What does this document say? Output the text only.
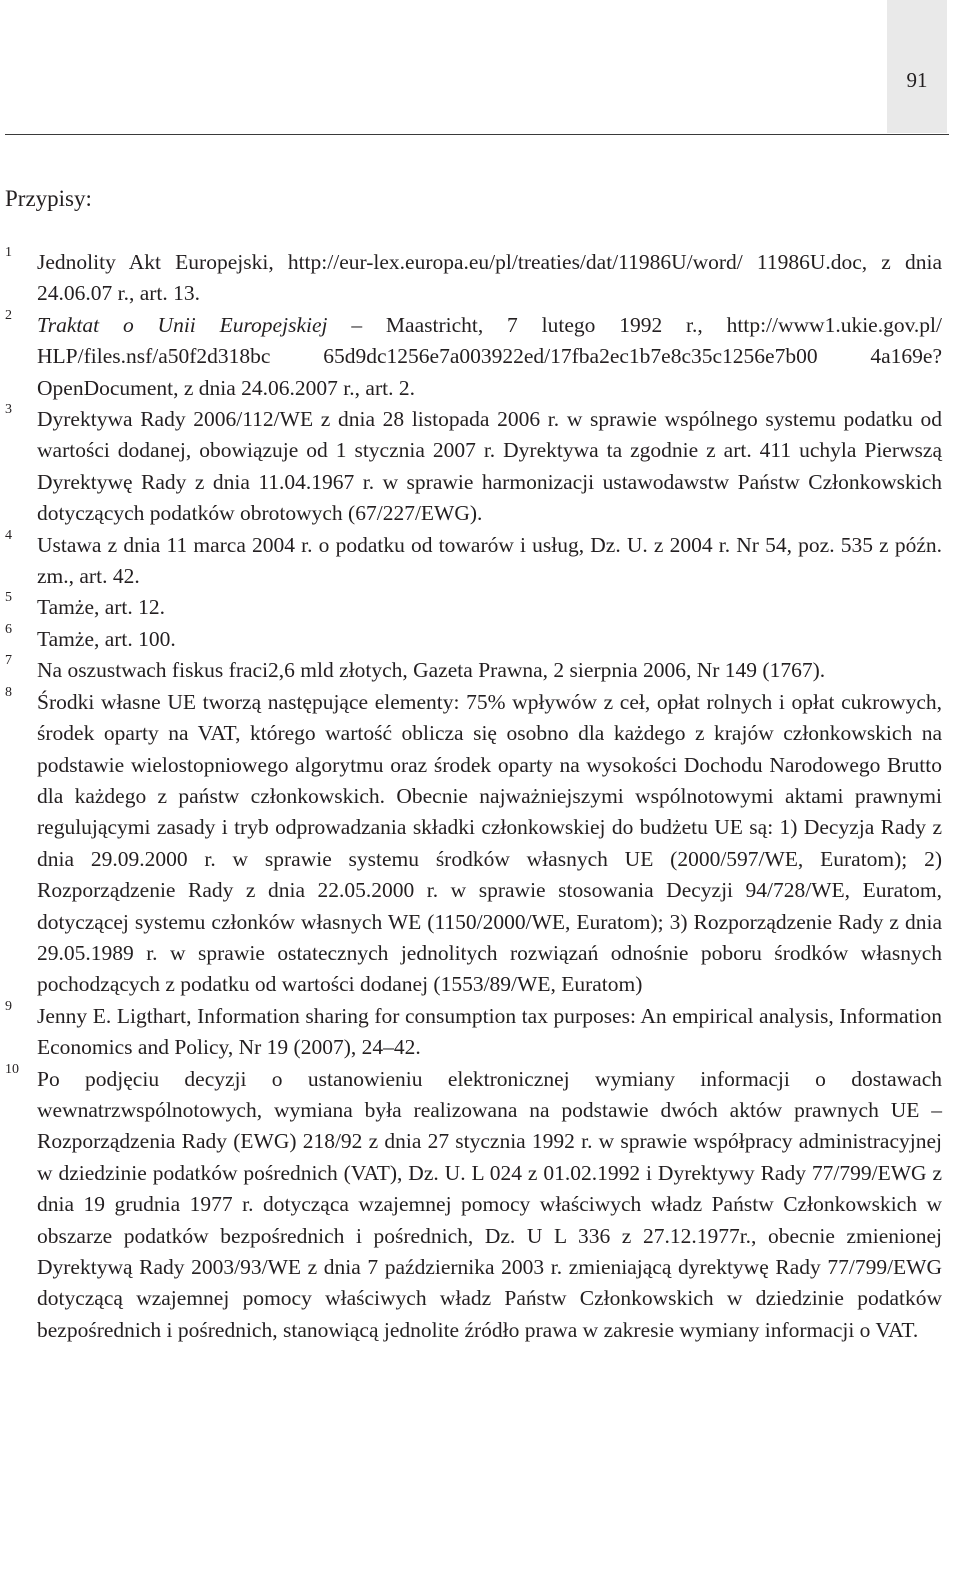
91
Przypisy:
1 Jednolity Akt Europejski, http://eur-lex.europa.eu/pl/treaties/dat/11986U/word/ 11986U.doc, z dnia 24.06.07 r., art. 13.
2 Traktat o Unii Europejskiej – Maastricht, 7 lutego 1992 r., http://www1.ukie.gov.pl/ HLP/files.nsf/a50f2d318bc 65d9dc1256e7a003922ed/17fba2ec1b7e8c35c1256e7b00 4a169e?OpenDocument, z dnia 24.06.2007 r., art. 2.
3 Dyrektywa Rady 2006/112/WE z dnia 28 listopada 2006 r. w sprawie wspólnego systemu podatku od wartości dodanej, obowiązuje od 1 stycznia 2007 r. Dyrektywa ta zgodnie z art. 411 uchyla Pierwszą Dyrektywę Rady z dnia 11.04.1967 r. w sprawie harmonizacji ustawodawstw Państw Członkowskich dotyczących podatków obrotowych (67/227/EWG).
4 Ustawa z dnia 11 marca 2004 r. o podatku od towarów i usług, Dz. U. z 2004 r. Nr 54, poz. 535 z późn. zm., art. 42.
5 Tamże, art. 12.
6 Tamże, art. 100.
7 Na oszustwach fiskus fraci2,6 mld złotych, Gazeta Prawna, 2 sierpnia 2006, Nr 149 (1767).
8 Środki własne UE tworzą następujące elementy: 75% wpływów z ceł, opłat rolnych i opłat cukrowych, środek oparty na VAT, którego wartość oblicza się osobno dla każdego z krajów członkowskich na podstawie wielostopniowego algorytmu oraz środek oparty na wysokości Dochodu Narodowego Brutto dla każdego z państw członkowskich. Obecnie najważniejszymi wspólnotowymi aktami prawnymi regulującymi zasady i tryb odprowadzania składki członkowskiej do budżetu UE są: 1) Decyzja Rady z dnia 29.09.2000 r. w sprawie systemu środków własnych UE (2000/597/WE, Euratom); 2) Rozporządzenie Rady z dnia 22.05.2000 r. w sprawie stosowania Decyzji 94/728/WE, Euratom, dotyczącej systemu członków własnych WE (1150/2000/WE, Euratom); 3) Rozporządzenie Rady z dnia 29.05.1989 r. w sprawie ostatecznych jednolitych rozwiązań odnośnie poboru środków własnych pochodzących z podatku od wartości dodanej (1553/89/WE, Euratom)
9 Jenny E. Ligthart, Information sharing for consumption tax purposes: An empirical analysis, Information Economics and Policy, Nr 19 (2007), 24–42.
10 Po podjęciu decyzji o ustanowieniu elektronicznej wymiany informacji o dostawach wewnatrzwspólnotowych, wymiana była realizowana na podstawie dwóch aktów prawnych UE – Rozporządzenia Rady (EWG) 218/92 z dnia 27 stycznia 1992 r. w sprawie współpracy administracyjnej w dziedzinie podatków pośrednich (VAT), Dz. U. L 024 z 01.02.1992 i Dyrektywy Rady 77/799/EWG z dnia 19 grudnia 1977 r. dotycząca wzajemnej pomocy właściwych władz Państw Członkowskich w obszarze podatków bezpośrednich i pośrednich, Dz. U L 336 z 27.12.1977r., obecnie zmienionej Dyrektywą Rady 2003/93/WE z dnia 7 października 2003 r. zmieniającą dyrektywę Rady 77/799/EWG dotyczącą wzajemnej pomocy właściwych władz Państw Członkowskich w dziedzinie podatków bezpośrednich i pośrednich, stanowiącą jednolite źródło prawa w zakresie wymiany informacji o VAT.
